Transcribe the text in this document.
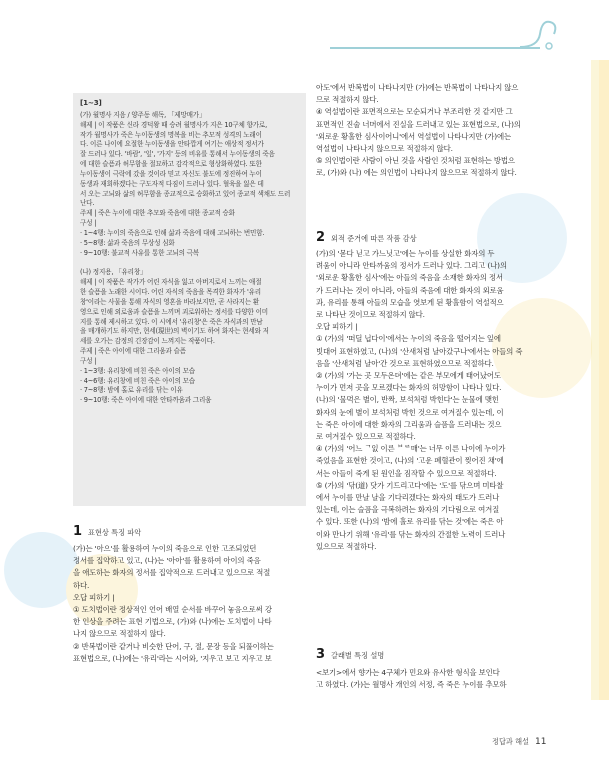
[1~3]

(가) 월명사 지음 / 양주동 해독, 「제망매가」

해제 | 이 작품은 신라 경덕왕 때 승려 월명사가 지은 10구체 향가로,

작가 월명사가 죽은 누이동생의 명복을 비는 추모적 성격의 노래이

다. 이른 나이에 요절한 누이동생을 안타깝게 여기는 애상적 정서가

잘 드러나 있다. '바람', '잎', '가지' 등의 비유를 통해서 누이동생의 죽음

에 대한 슬픔과 허무함을 절묘하고 감각적으로 형상화하였다. 또한

누이동생이 극락에 갔을 것이라 믿고 자신도 불도에 정진하여 누이

동생과 재회하겠다는 구도자적 다짐이 드러나 있다. 혈육을 잃은 데

서 오는 고뇌와 삶의 허무함을 종교적으로 승화하고 있어 종교적 색채도 드러

난다.

주제 | 죽은 누이에 대한 추모와 죽음에 대한 종교적 승화

구성 |

· 1~4행: 누이의 죽음으로 인해 삶과 죽음에 대해 고뇌하는 번민함.

· 5~8행: 삶과 죽음의 무상성 심화

· 9~10행: 불교적 사유를 통한 고뇌의 극복

(나) 정지용, 「유리창」

해제 | 이 작품은 작가가 어린 자식을 잃고 아버지로서 느끼는 애절

한 슬픔을 노래한 시이다. 어린 자식의 죽음을 목격한 화자가 '유리

창'이라는 사물을 통해 자식의 영혼을 바라보지만, 곧 사라지는 환

영으로 인해 외로움과 슬픔을 느끼며 괴로워하는 정서를 다양한 이미

지를 통해 제시하고 있다. 이 시에서 '유리창'은 죽은 자식과의 만남

을 매개하기도 하지만, 현세(現世)의 벽이기도 하여 화자는 현세와 저

세를 오가는 감정의 긴장감이 느껴지는 작품이다.

주제 | 죽은 아이에 대한 그리움과 슬픔

구성 |

· 1~3행: 유리창에 비친 죽은 아이의 모습

· 4~6행: 유리창에 비친 죽은 아이의 모습

· 7~8행: 밤에 홀로 유리를 닦는 이유

· 9~10행: 죽은 아이에 대한 안타까움과 그리움

1 표현상 특징 파악

(가)는 '아으'를 활용하여 누이의 죽음으로 인한 고조되었던

정서를 집약하고 있고, (나)는 '아아'를 활용하여 아이의 죽음

을 애도하는 화자의 정서를 집약적으로 드러내고 있으므로 적절

하다.

오답 피하기 |

① 도치법이란 정상적인 언어 배열 순서를 바꾸어 놓음으로써 강

한 인상을 주려는 표현 기법으로, (가)와 (나)에는 도치법이 나타

나지 않으므로 적절하지 않다.

② 반복법이란 같거나 비슷한 단어, 구, 절, 문장 등을 되풀이하는

표현법으로, (나)에는 '유리'라는 시어와, '지우고 보고 지우고 보

아도'에서 반복법이 나타나지만 (가)에는 반복법이 나타나지 않으

므로 적절하지 않다.

④ 역설법이란 표면적으로는 모순되거나 부조리한 것 같지만 그

표면적인 진술 너머에서 진실을 드러내고 있는 표현법으로, (나)의

'외로운 황홀한 심사이어니'에서 역설법이 나타나지만 (가)에는

역설법이 나타나지 않으므로 적절하지 않다.

⑤ 의인법이란 사람이 아닌 것을 사람인 것처럼 표현하는 방법으

로, (가)와 (나) 에는 의인법이 나타나지 않으므로 적절하지 않다.

2 외적 준거에 따른 작품 감상

(가)의 '몯다 닏고 가느닛고'에는 누이를 상실한 화자의 두

려움이 아니라 안타까움의 정서가 드러나 있다. 그리고 (나)의

'외로운 황홀한 심사'에는 아들의 죽음을 소재한 화자의 정서

가 드러나는 것이 아니라, 아들의 죽음에 대한 화자의 외로움

과, 유리를 통해 아들의 모습을 엿보게 된 황홀함이 역설적으

로 나타난 것이므로 적절하지 않다.

오답 피하기 |

① (가)의 '떠딜 닙다이'에서는 누이의 죽음을 떨어지는 잎에

빗대어 표현하였고, (나)의 '산새처럼 날아갔구나'에서는 아들의 죽

음을 '산새처럼 날아'간 것으로 표현하였으므로 적절하다.

② (가)의 '가는 곳 모두온뎌'에는 같은 부모에게 태어났어도

누이가 먼저 곳을 모르겠다는 화자의 허망함이 나타나 있다.

(나)의 '물먹은 별이, 반짝, 보석처럼 박힌다'는 눈물에 맺힌

화자의 눈에 별이 보석처럼 박힌 것으로 여겨질수 있는데, 이

는 죽은 아이에 대한 화자의 그리움과 슬픔을 드러내는 것으

로 여겨질수 있으므로 적절하다.

④ (가)의 '어느 ᄀ잀 이른 ᄇᄅ매'는 너무 이른 나이에 누이가

죽었음을 표현한 것이고, (나)의 '고운 폐혈관이 찢어진 채'에

서는 아들이 죽게 된 원인을 짐작할 수 있으므로 적절하다.

⑤ (가)의 '닦(道) 닷가 기드리고다'에는 '도'를 닦으며 미타찰

에서 누이를 만날 날을 기다리겠다는 화자의 태도가 드러나

있는데, 이는 슬픔을 극복하려는 화자의 기다림으로 여겨질

수 있다. 또한 (나)의 '밤에 홀로 유리를 닦는 것'에는 죽은 아

이와 만나기 위해 '유리'를 닦는 화자의 간절한 노력이 드러나

있으므로 적절하다.

3 갈래별 특징 설명

<보기>에서 향가는 4구체가 민요와 유사한 형식을 보인다

고 하였다. (가)는 월명사 개인의 서정, 즉 죽은 누이를 추모하

정답과 해설 11
